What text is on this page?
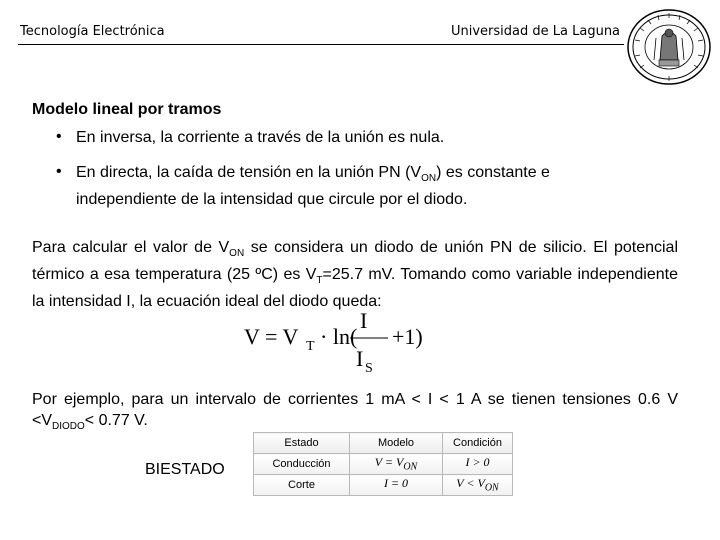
Tecnología Electrónica	Universidad de La Laguna
Modelo lineal por tramos
• En inversa, la corriente a través de la unión es nula.
• En directa, la caída de tensión en la unión PN $(V_{ON})$ es constante e
independiente de la intensidad que circule por el diodo.
Para calcular el valor de $V_{ON}$ se considera un diodo de unión PN de silicio. El potencial térmico a esa temperatura (25 ºC) es $V_T=25.7$ mV. Tomando como variable independiente la intensidad I, la ecuación ideal del diodo queda:
V = V T · ln(
I
+1)
I S
Por ejemplo, para un intervalo de corrientes 1 mA < I < 1 A se tienen tensiones 0.6 $V <V_{DIODO}< 0.77$ V.
BIESTADO
Estado	Modelo	Condición
Conducción	$V = V_{ON}$	I > 0
Corte	I = 0	$V < V_{ON}$
